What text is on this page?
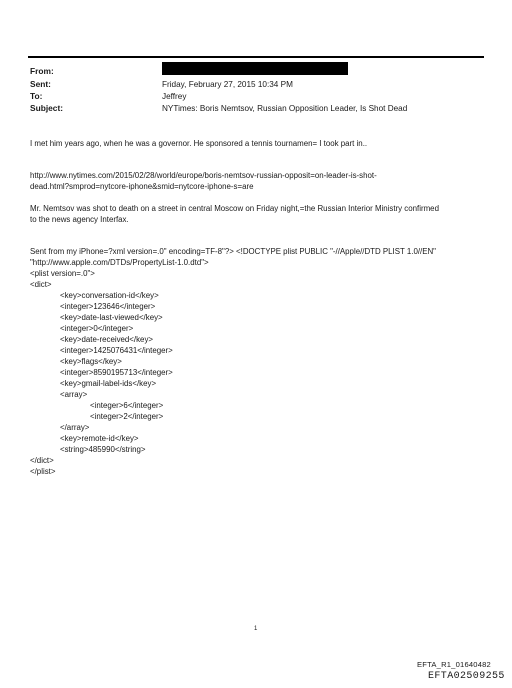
From:
Sent:
To:
Subject:
Friday, February 27, 2015 10:34 PM
Jeffrey
NYTimes: Boris Nemtsov, Russian Opposition Leader, Is Shot Dead
I met him years ago, when he was a governor. He sponsored a tennis tournamen= I took part in..
http://www.nytimes.com/2015/02/28/world/europe/boris-nemtsov-russian-opposit=on-leader-is-shot-
dead.html?smprod=nytcore-iphone&smid=nytcore-iphone-s=are
Mr. Nemtsov was shot to death on a street in central Moscow on Friday night,=the Russian Interior Ministry confirmed
to the news agency Interfax.
Sent from my iPhone=?xml version=.0" encoding=TF-8"?> <!DOCTYPE plist PUBLIC "-//Apple//DTD PLIST 1.0//EN"
"http://www.apple.com/DTDs/PropertyList-1.0.dtd">
<plist version=.0">
<dict>
<key>conversation-id</key>
<integer>123646</integer>
<key>date-last-viewed</key>
<integer>0</integer>
<key>date-received</key>
<integer>1425076431</integer>
<key>flags</key>
<integer>8590195713</integer>
<key>gmail-label-ids</key>
<array>
<integer>6</integer>
<integer>2</integer>
</array>
<key>remote-id</key>
<string>485990</string>
</dict>
</plist>
1
EFTA_R1_01640482
EFTA02509255
